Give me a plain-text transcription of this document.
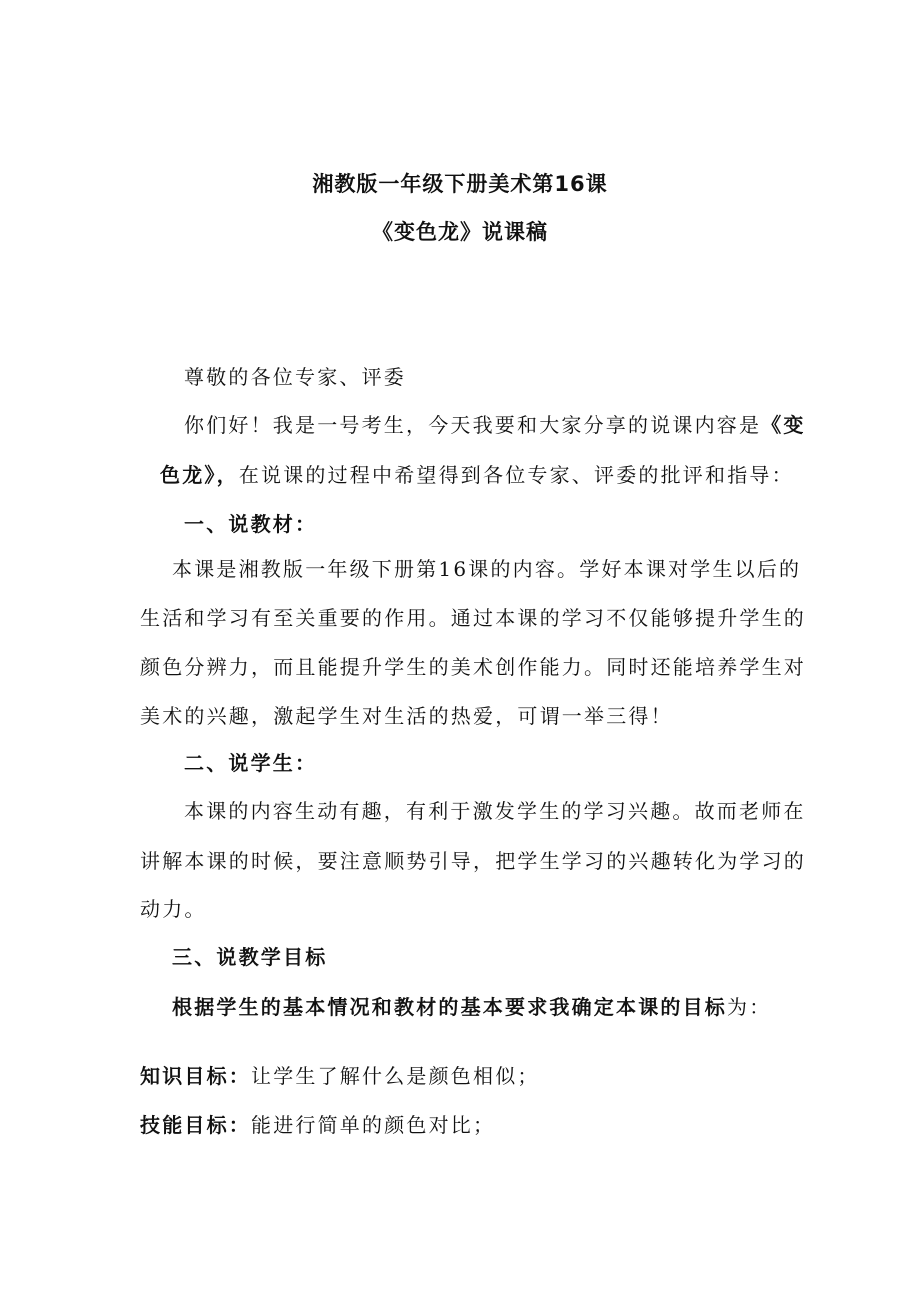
湘教版一年级下册美术第16课
《变色龙》说课稿
尊敬的各位专家、评委
你们好！我是一号考生，今天我要和大家分享的说课内容是《变
色龙》，在说课的过程中希望得到各位专家、评委的批评和指导：
一、说教材：
本课是湘教版一年级下册第16课的内容。学好本课对学生以后的
生活和学习有至关重要的作用。通过本课的学习不仅能够提升学生的
颜色分辨力，而且能提升学生的美术创作能力。同时还能培养学生对
美术的兴趣，激起学生对生活的热爱，可谓一举三得！
二、说学生：
本课的内容生动有趣，有利于激发学生的学习兴趣。故而老师在
讲解本课的时候，要注意顺势引导，把学生学习的兴趣转化为学习的
动力。
三、说教学目标
根据学生的基本情况和教材的基本要求我确定本课的目标为：
知识目标：让学生了解什么是颜色相似；
技能目标：能进行简单的颜色对比；
